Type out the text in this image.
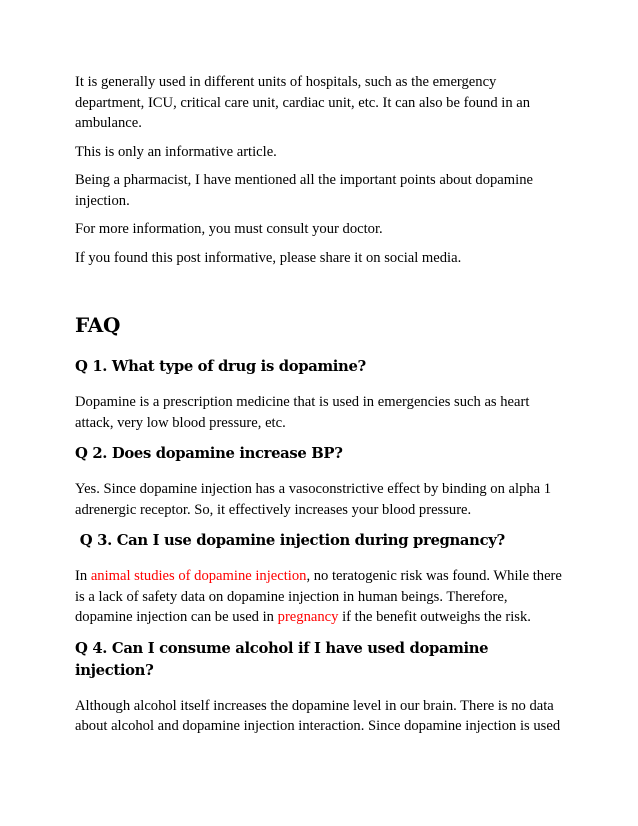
It is generally used in different units of hospitals, such as the emergency department, ICU, critical care unit, cardiac unit, etc. It can also be found in an ambulance.

This is only an informative article.

Being a pharmacist, I have mentioned all the important points about dopamine injection.

For more information, you must consult your doctor.

If you found this post informative, please share it on social media.

FAQ
Q 1. What type of drug is dopamine?

Dopamine is a prescription medicine that is used in emergencies such as heart attack, very low blood pressure, etc.

Q 2. Does dopamine increase BP?

Yes. Since dopamine injection has a vasoconstrictive effect by binding on alpha 1 adrenergic receptor. So, it effectively increases your blood pressure.

Q 3. Can I use dopamine injection during pregnancy?

In animal studies of dopamine injection, no teratogenic risk was found. While there is a lack of safety data on dopamine injection in human beings. Therefore, dopamine injection can be used in pregnancy if the benefit outweighs the risk.

Q 4. Can I consume alcohol if I have used dopamine injection?

Although alcohol itself increases the dopamine level in our brain. There is no data about alcohol and dopamine injection interaction. Since dopamine injection is used
